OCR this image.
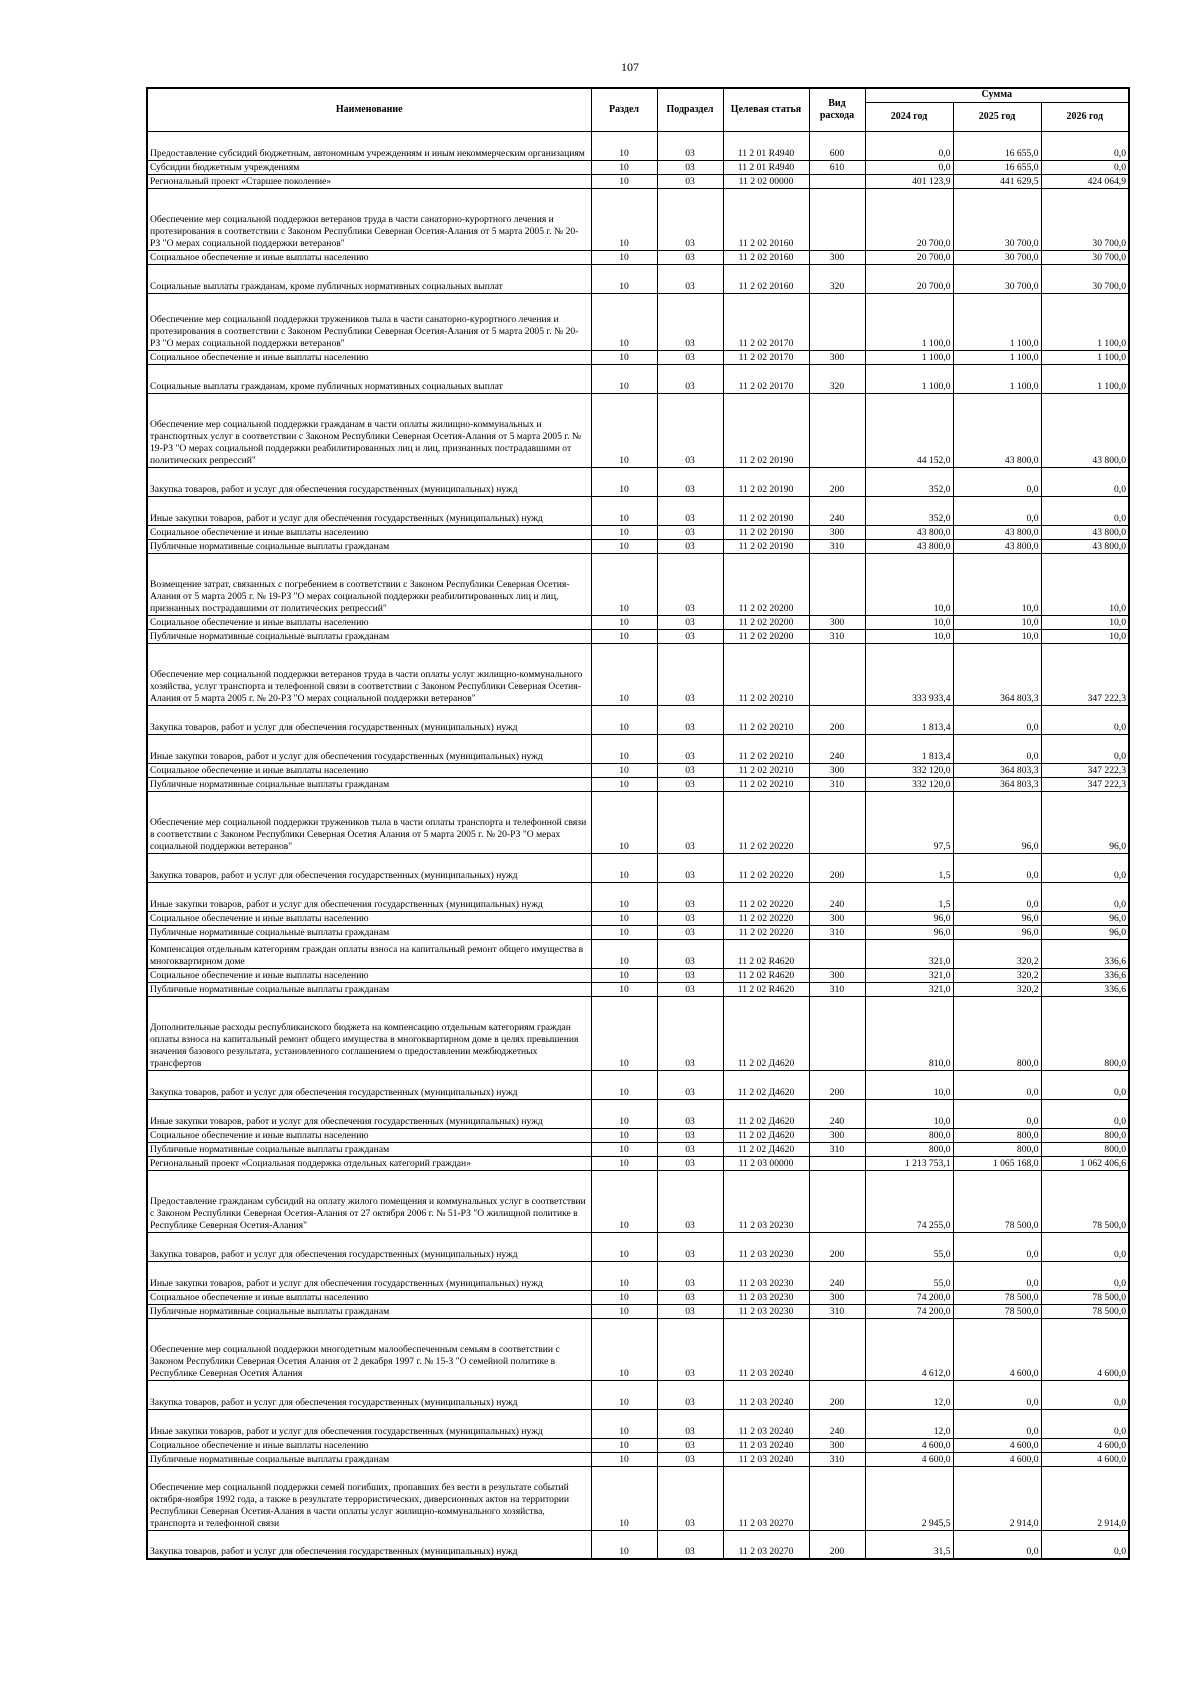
107
Наименование	Раздел	Подраздел	Целевая статья	Вид расхода	Сумма		
					2024 год	2025 год	2026 год
Предоставление субсидий бюджетным, автономным учреждениям и иным некоммерческим организациям	10	03	11 2 01 R4940	600	0,0	16 655,0	0,0
Субсидии бюджетным учреждениям	10	03	11 2 01 R4940	610	0,0	16 655,0	0,0
Региональный проект «Старшее поколение»	10	03	11 2 02 00000		401 123,9	441 629,5	424 064,9
Обеспечение мер социальной поддержки ветеранов труда в части санаторно-курортного лечения и протезирования в соответствии с Законом Республики Северная Осетия-Алания от 5 марта 2005 г. № 20-РЗ "О мерах социальной поддержки ветеранов"	10	03	11 2 02 20160		20 700,0	30 700,0	30 700,0
Социальное обеспечение и иные выплаты населению	10	03	11 2 02 20160	300	20 700,0	30 700,0	30 700,0
Социальные выплаты гражданам, кроме публичных нормативных социальных выплат	10	03	11 2 02 20160	320	20 700,0	30 700,0	30 700,0
Обеспечение мер социальной поддержки тружеников тыла в части санаторно-курортного лечения и протезирования в соответствии с Законом Республики Северная Осетия-Алания от 5 марта 2005 г. № 20-РЗ "О мерах социальной поддержки ветеранов"	10	03	11 2 02 20170		1 100,0	1 100,0	1 100,0
Социальное обеспечение и иные выплаты населению	10	03	11 2 02 20170	300	1 100,0	1 100,0	1 100,0
Социальные выплаты гражданам, кроме публичных нормативных социальных выплат	10	03	11 2 02 20170	320	1 100,0	1 100,0	1 100,0
Обеспечение мер социальной поддержки гражданам в части оплаты жилищно-коммунальных и транспортных услуг в соответствии с Законом Республики Северная Осетия-Алания от 5 марта 2005 г. № 19-РЗ "О мерах социальной поддержки реабилитированных лиц и лиц, признанных пострадавшими от политических репрессий"	10	03	11 2 02 20190		44 152,0	43 800,0	43 800,0
Закупка товаров, работ и услуг для обеспечения государственных (муниципальных) нужд	10	03	11 2 02 20190	200	352,0	0,0	0,0
Иные закупки товаров, работ и услуг для обеспечения государственных (муниципальных) нужд	10	03	11 2 02 20190	240	352,0	0,0	0,0
Социальное обеспечение и иные выплаты населению	10	03	11 2 02 20190	300	43 800,0	43 800,0	43 800,0
Публичные нормативные социальные выплаты гражданам	10	03	11 2 02 20190	310	43 800,0	43 800,0	43 800,0
Возмещение затрат, связанных с погребением в соответствии с Законом Республики Северная Осетия-Алания от 5 марта 2005 г. № 19-РЗ "О мерах социальной поддержки реабилитированных лиц и лиц, признанных пострадавшими от политических репрессий"	10	03	11 2 02 20200		10,0	10,0	10,0
Социальное обеспечение и иные выплаты населению	10	03	11 2 02 20200	300	10,0	10,0	10,0
Публичные нормативные социальные выплаты гражданам	10	03	11 2 02 20200	310	10,0	10,0	10,0
Обеспечение мер социальной поддержки ветеранов труда в части оплаты услуг жилищно-коммунального хозяйства, услуг транспорта и телефонной связи в соответствии с Законом Республики Северная Осетия-Алания от 5 марта 2005 г. № 20-РЗ "О мерах социальной поддержки ветеранов"	10	03	11 2 02 20210		333 933,4	364 803,3	347 222,3
Закупка товаров, работ и услуг для обеспечения государственных (муниципальных) нужд	10	03	11 2 02 20210	200	1 813,4	0,0	0,0
Иные закупки товаров, работ и услуг для обеспечения государственных (муниципальных) нужд	10	03	11 2 02 20210	240	1 813,4	0,0	0,0
Социальное обеспечение и иные выплаты населению	10	03	11 2 02 20210	300	332 120,0	364 803,3	347 222,3
Публичные нормативные социальные выплаты гражданам	10	03	11 2 02 20210	310	332 120,0	364 803,3	347 222,3
Обеспечение мер социальной поддержки тружеников тыла в части оплаты транспорта и телефонной связи в соответствии с Законом Республики Северная Осетия Алания от 5 марта 2005 г. № 20-РЗ "О мерах социальной поддержки ветеранов"	10	03	11 2 02 20220		97,5	96,0	96,0
Закупка товаров, работ и услуг для обеспечения государственных (муниципальных) нужд	10	03	11 2 02 20220	200	1,5	0,0	0,0
Иные закупки товаров, работ и услуг для обеспечения государственных (муниципальных) нужд	10	03	11 2 02 20220	240	1,5	0,0	0,0
Социальное обеспечение и иные выплаты населению	10	03	11 2 02 20220	300	96,0	96,0	96,0
Публичные нормативные социальные выплаты гражданам	10	03	11 2 02 20220	310	96,0	96,0	96,0
Компенсация отдельным категориям граждан оплаты взноса на капитальный ремонт общего имущества в многоквартирном доме	10	03	11 2 02 R4620		321,0	320,2	336,6
Социальное обеспечение и иные выплаты населению	10	03	11 2 02 R4620	300	321,0	320,2	336,6
Публичные нормативные социальные выплаты гражданам	10	03	11 2 02 R4620	310	321,0	320,2	336,6
Дополнительные расходы республиканского бюджета на компенсацию отдельным категориям граждан оплаты взноса на капитальный ремонт общего имущества в многоквартирном доме в целях превышения значения базового результата, установленного соглашением о предоставлении межбюджетных трансфертов	10	03	11 2 02 Д4620		810,0	800,0	800,0
Закупка товаров, работ и услуг для обеспечения государственных (муниципальных) нужд	10	03	11 2 02 Д4620	200	10,0	0,0	0,0
Иные закупки товаров, работ и услуг для обеспечения государственных (муниципальных) нужд	10	03	11 2 02 Д4620	240	10,0	0,0	0,0
Социальное обеспечение и иные выплаты населению	10	03	11 2 02 Д4620	300	800,0	800,0	800,0
Публичные нормативные социальные выплаты гражданам	10	03	11 2 02 Д4620	310	800,0	800,0	800,0
Региональный проект «Социальная поддержка отдельных категорий граждан»	10	03	11 2 03 00000		1 213 753,1	1 065 168,0	1 062 406,6
Предоставление гражданам субсидий на оплату жилого помещения и коммунальных услуг в соответствии с Законом Республики Северная Осетия-Алания от 27 октября 2006 г. № 51-РЗ "О жилищной политике в Республике Северная Осетия-Алания"	10	03	11 2 03 20230		74 255,0	78 500,0	78 500,0
Закупка товаров, работ и услуг для обеспечения государственных (муниципальных) нужд	10	03	11 2 03 20230	200	55,0	0,0	0,0
Иные закупки товаров, работ и услуг для обеспечения государственных (муниципальных) нужд	10	03	11 2 03 20230	240	55,0	0,0	0,0
Социальное обеспечение и иные выплаты населению	10	03	11 2 03 20230	300	74 200,0	78 500,0	78 500,0
Публичные нормативные социальные выплаты гражданам	10	03	11 2 03 20230	310	74 200,0	78 500,0	78 500,0
Обеспечение мер социальной поддержки многодетным малообеспеченным семьям в соответствии с Законом Республики Северная Осетия Алания от 2 декабря 1997 г. № 15-З "О семейной политике в Республике Северная Осетия Алания	10	03	11 2 03 20240		4 612,0	4 600,0	4 600,0
Закупка товаров, работ и услуг для обеспечения государственных (муниципальных) нужд	10	03	11 2 03 20240	200	12,0	0,0	0,0
Иные закупки товаров, работ и услуг для обеспечения государственных (муниципальных) нужд	10	03	11 2 03 20240	240	12,0	0,0	0,0
Социальное обеспечение и иные выплаты населению	10	03	11 2 03 20240	300	4 600,0	4 600,0	4 600,0
Публичные нормативные социальные выплаты гражданам	10	03	11 2 03 20240	310	4 600,0	4 600,0	4 600,0
Обеспечение мер социальной поддержки семей погибших, пропавших без вести в результате событий октября-ноября 1992 года, а также в результате террористических, диверсионных актов на территории Республики Северная Осетия-Алания в части оплаты услуг жилищно-коммунального хозяйства, транспорта и телефонной связи	10	03	11 2 03 20270		2 945,5	2 914,0	2 914,0
Закупка товаров, работ и услуг для обеспечения государственных (муниципальных) нужд	10	03	11 2 03 20270	200	31,5	0,0	0,0
